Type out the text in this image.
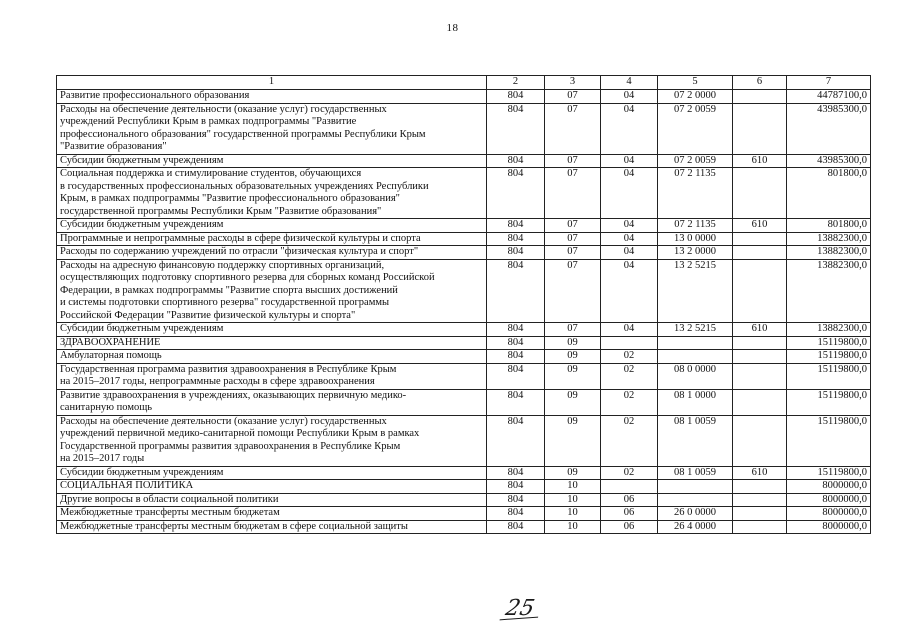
18
1	2	3	4	5	6	7
Развитие профессионального образования	804	07	04	07 2 0000		44787100,0
Расходы на обеспечение деятельности (оказание услуг) государственных
учреждений Республики Крым в рамках подпрограммы "Развитие
профессионального образования" государственной программы Республики Крым
"Развитие образования"	804	07	04	07 2 0059		43985300,0
Субсидии бюджетным учреждениям	804	07	04	07 2 0059	610	43985300,0
Социальная поддержка и стимулирование студентов, обучающихся
в государственных профессиональных образовательных учреждениях Республики
Крым, в рамках подпрограммы "Развитие профессионального образования"
государственной программы Республики Крым "Развитие образования"	804	07	04	07 2 1135		801800,0
Субсидии бюджетным учреждениям	804	07	04	07 2 1135	610	801800,0
Программные и непрограммные расходы в сфере физической культуры и спорта	804	07	04	13 0 0000		13882300,0
Расходы по содержанию учреждений по отрасли "физическая культура и спорт"	804	07	04	13 2 0000		13882300,0
Расходы на адресную финансовую поддержку спортивных организаций,
осуществляющих подготовку спортивного резерва для сборных команд Российской
Федерации, в рамках подпрограммы "Развитие спорта высших достижений
и системы подготовки спортивного резерва" государственной программы
Российской Федерации "Развитие физической культуры и спорта"	804	07	04	13 2 5215		13882300,0
Субсидии бюджетным учреждениям	804	07	04	13 2 5215	610	13882300,0
ЗДРАВООХРАНЕНИЕ	804	09				15119800,0
Амбулаторная помощь	804	09	02			15119800,0
Государственная программа развития здравоохранения в Республике Крым
на 2015–2017 годы, непрограммные расходы в сфере здравоохранения	804	09	02	08 0 0000		15119800,0
Развитие здравоохранения в учреждениях, оказывающих первичную медико-
санитарную помощь	804	09	02	08 1 0000		15119800,0
Расходы на обеспечение деятельности (оказание услуг) государственных
учреждений первичной медико-санитарной помощи Республики Крым в рамках
Государственной программы развития здравоохранения в Республике Крым
на 2015–2017 годы	804	09	02	08 1 0059		15119800,0
Субсидии бюджетным учреждениям	804	09	02	08 1 0059	610	15119800,0
СОЦИАЛЬНАЯ ПОЛИТИКА	804	10				8000000,0
Другие вопросы в области социальной политики	804	10	06			8000000,0
Межбюджетные трансферты местным бюджетам	804	10	06	26 0 0000		8000000,0
Межбюджетные трансферты местным бюджетам в сфере социальной защиты	804	10	06	26 4 0000		8000000,0
25
